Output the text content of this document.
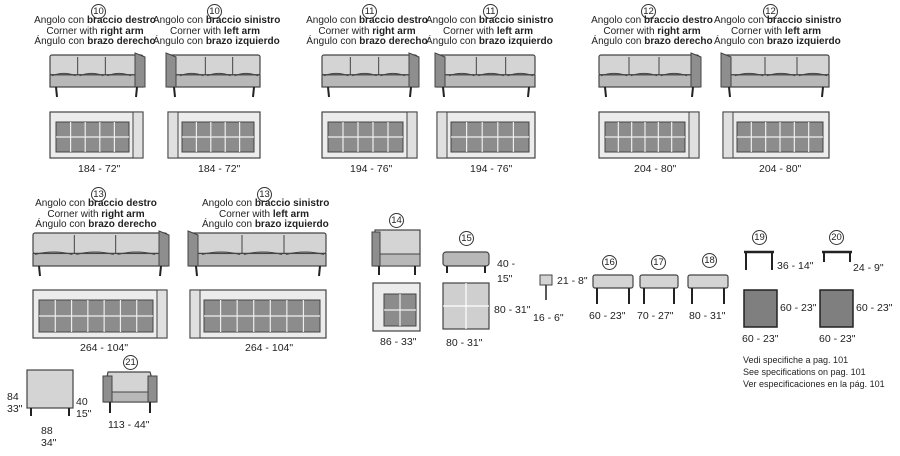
10
Angolo con braccio destro
Corner with right arm
Ángulo con brazo derecho
184 - 72"
10
Angolo con braccio sinistro
Corner with left arm
Ángulo con brazo izquierdo
184 - 72"
11
Angolo con braccio destro
Corner with right arm
Ángulo con brazo derecho
194 - 76"
11
Angolo con braccio sinistro
Corner with left arm
Ángulo con brazo izquierdo
194 - 76"
12
Angolo con braccio destro
Corner with right arm
Ángulo con brazo derecho
204 - 80"
12
Angolo con braccio sinistro
Corner with left arm
Ángulo con brazo izquierdo
204 - 80"
13
Angolo con braccio destro
Corner with right arm
Ángulo con brazo derecho
264 - 104"
13
Angolo con braccio sinistro
Corner with left arm
Ángulo con brazo izquierdo
264 - 104"
14
86 - 33"
15
40 -
15"
80 - 31"
80 - 31"
21 - 8"
16 - 6"
16
60 - 23"
17
70 - 27"
18
80 - 31"
19
36 - 14"
60 - 23"
60 - 23"
20
24 - 9"
60 - 23"
60 - 23"
21
113 - 44"
84
33"
40
15"
88
34"
Vedi specifiche a pag. 101
See specifications on pag. 101
Ver especificaciones en la pág. 101
